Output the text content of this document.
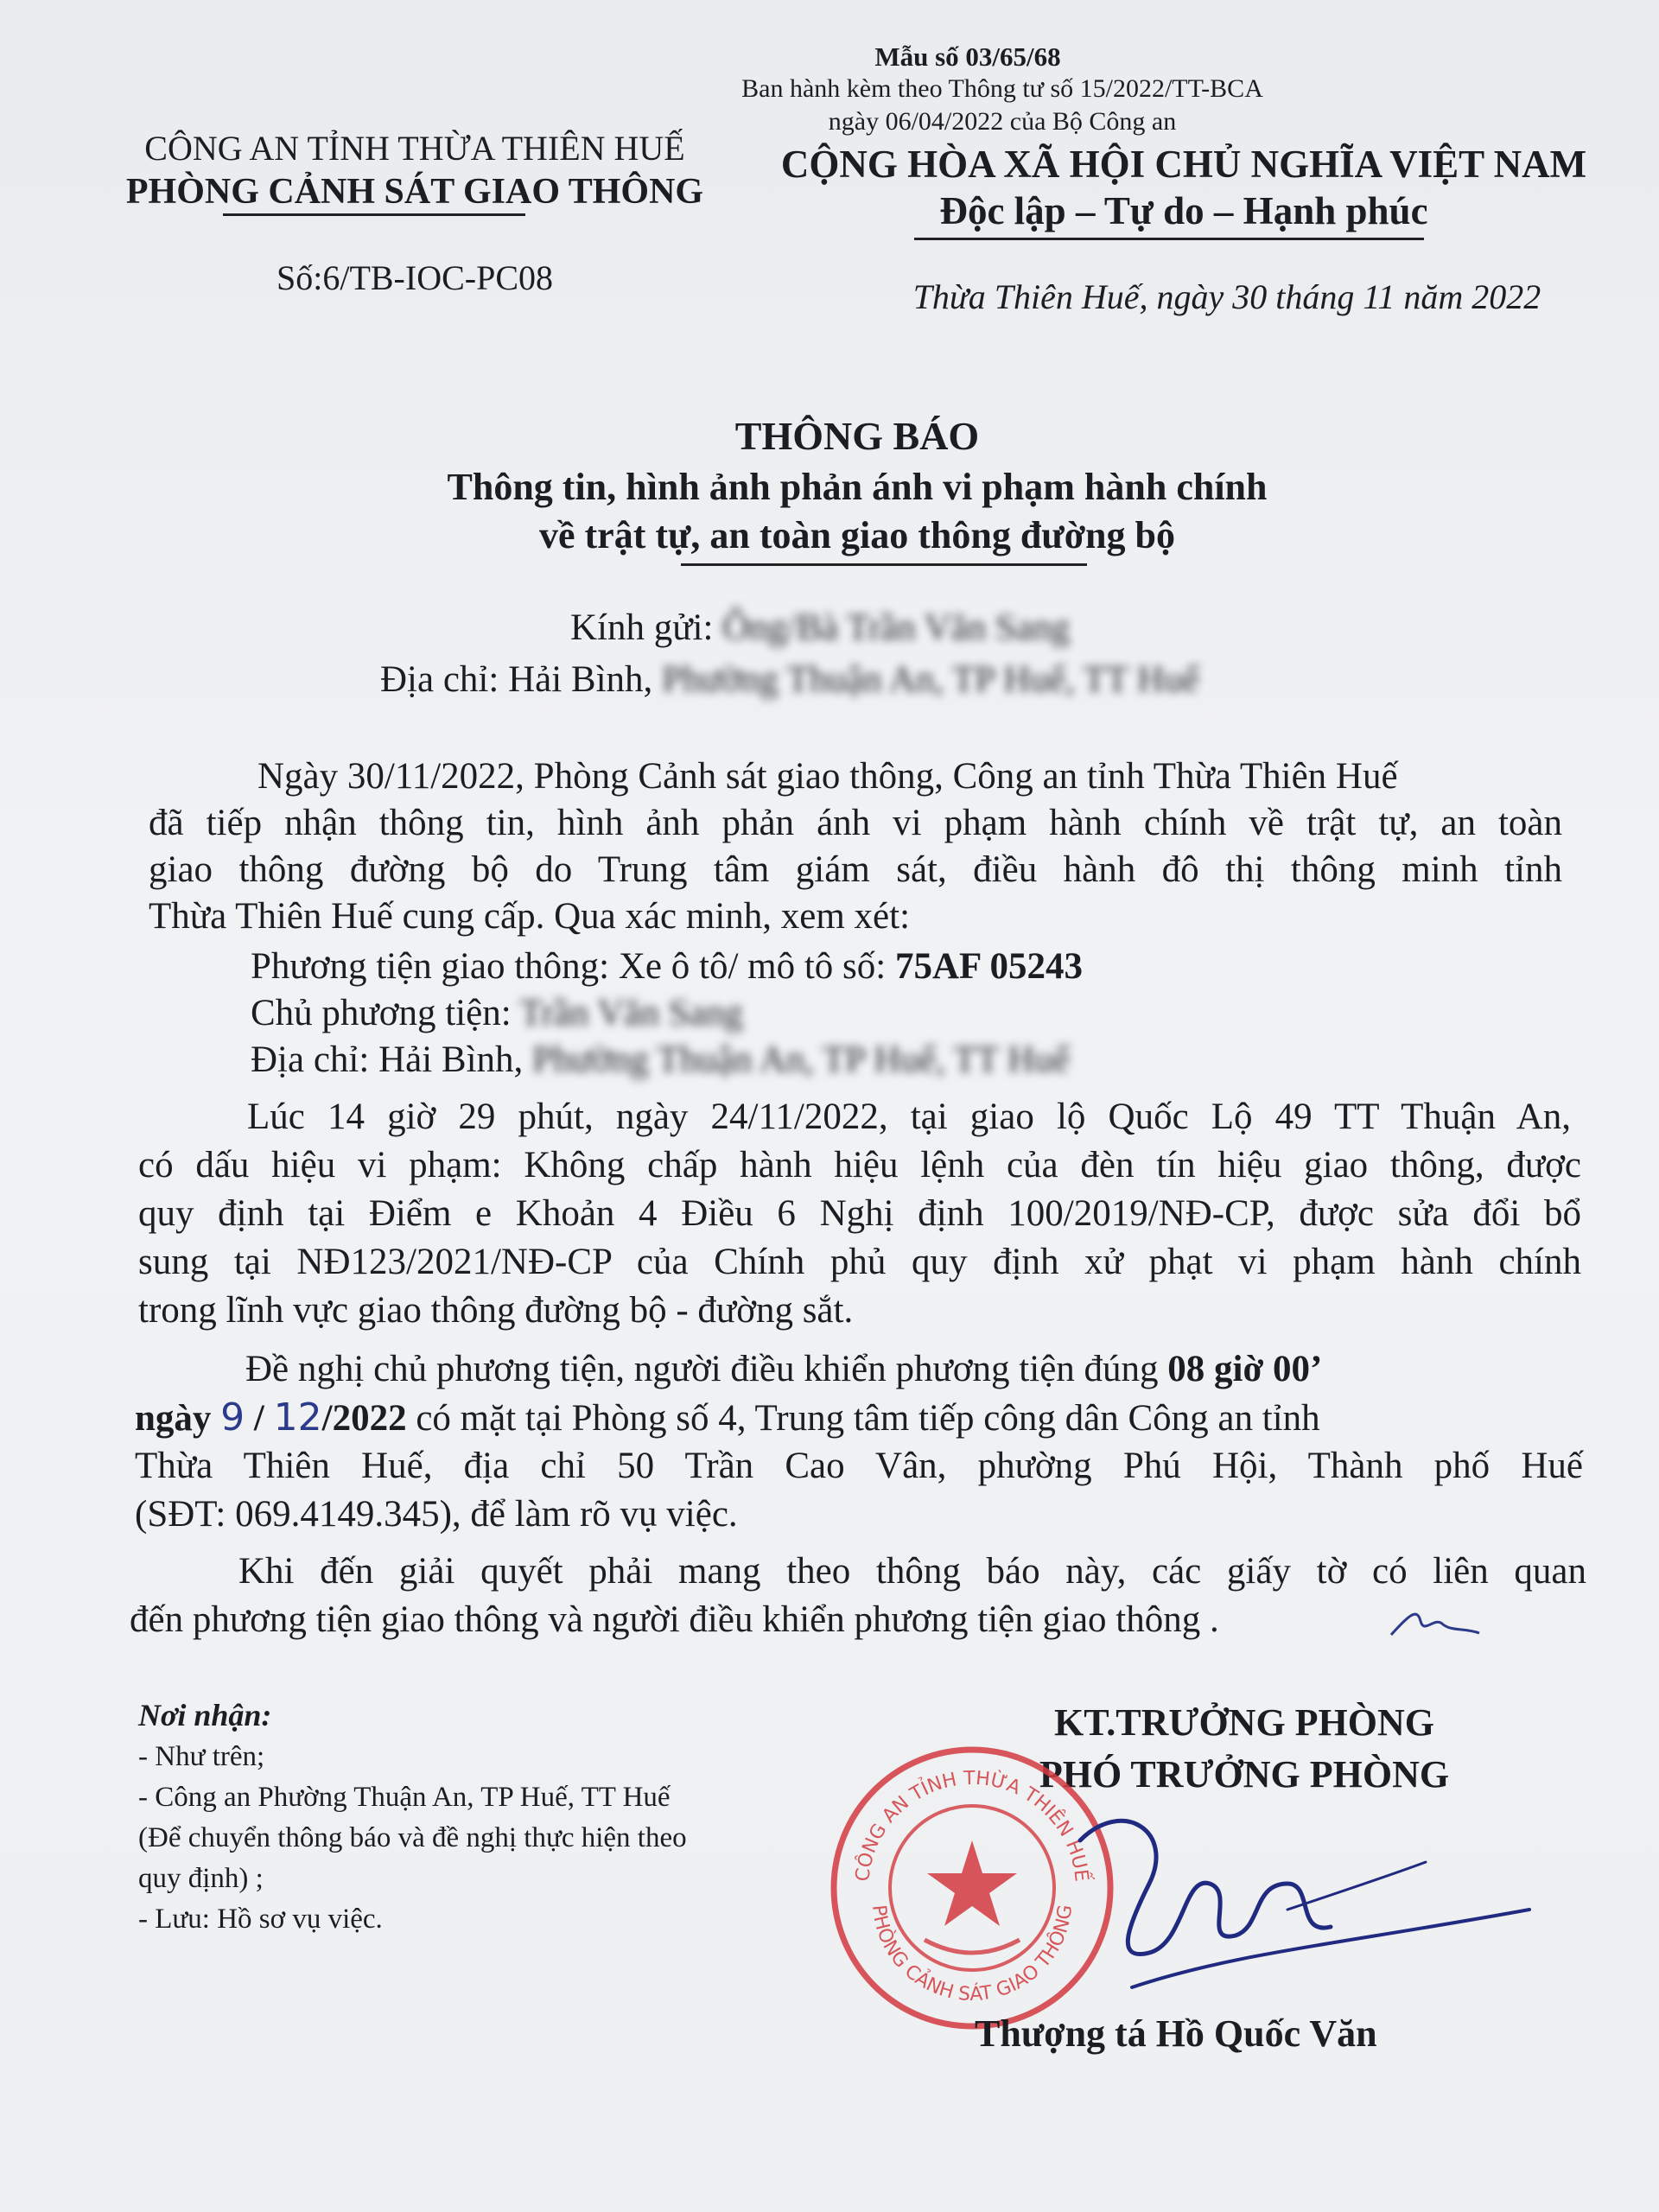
Mẫu số 03/65/68
Ban hành kèm theo Thông tư số 15/2022/TT-BCA
ngày 06/04/2022 của Bộ Công an
CÔNG AN TỈNH THỪA THIÊN HUẾ
PHÒNG CẢNH SÁT GIAO THÔNG
Số:6/TB-IOC-PC08
CỘNG HÒA XÃ HỘI CHỦ NGHĨA VIỆT NAM
Độc lập – Tự do – Hạnh phúc
Thừa Thiên Huế, ngày 30 tháng 11 năm 2022
THÔNG BÁO
Thông tin, hình ảnh phản ánh vi phạm hành chính
về trật tự, an toàn giao thông đường bộ
Kính gửi: Ông/Bà Trần Văn Sang
Địa chỉ: Hải Bình, Phường Thuận An, TP Huế, TT Huế
Ngày 30/11/2022, Phòng Cảnh sát giao thông, Công an tỉnh Thừa Thiên Huế
đã tiếp nhận thông tin, hình ảnh phản ánh vi phạm hành chính về trật tự, an toàn
giao thông đường bộ do Trung tâm giám sát, điều hành đô thị thông minh tỉnh
Thừa Thiên Huế cung cấp. Qua xác minh, xem xét:
Phương tiện giao thông: Xe ô tô/ mô tô số: 75AF 05243
Chủ phương tiện: Trần Văn Sang
Địa chỉ: Hải Bình, Phường Thuận An, TP Huế, TT Huế
Lúc 14 giờ 29 phút, ngày 24/11/2022, tại giao lộ Quốc Lộ 49 TT Thuận An,
có dấu hiệu vi phạm: Không chấp hành hiệu lệnh của đèn tín hiệu giao thông, được
quy định tại Điểm e Khoản 4 Điều 6 Nghị định 100/2019/NĐ-CP, được sửa đổi bổ
sung tại NĐ123/2021/NĐ-CP của Chính phủ quy định xử phạt vi phạm hành chính
trong lĩnh vực giao thông đường bộ - đường sắt.
Đề nghị chủ phương tiện, người điều khiển phương tiện đúng 08 giờ 00’
ngày 9 / 12/2022 có mặt tại Phòng số 4, Trung tâm tiếp công dân Công an tỉnh
Thừa Thiên Huế, địa chỉ 50 Trần Cao Vân, phường Phú Hội, Thành phố Huế
(SĐT: 069.4149.345), để làm rõ vụ việc.
Khi đến giải quyết phải mang theo thông báo này, các giấy tờ có liên quan
đến phương tiện giao thông và người điều khiển phương tiện giao thông .
Nơi nhận:
- Như trên;
- Công an Phường Thuận An, TP Huế, TT Huế
(Để chuyển thông báo và đề nghị thực hiện theo
quy định) ;
- Lưu: Hồ sơ vụ việc.
KT.TRƯỞNG PHÒNG
PHÓ TRƯỞNG PHÒNG
CÔNG AN TỈNH THỪA THIÊN HUẾ
PHÒNG CẢNH SÁT GIAO THÔNG
Thượng tá Hồ Quốc Văn
